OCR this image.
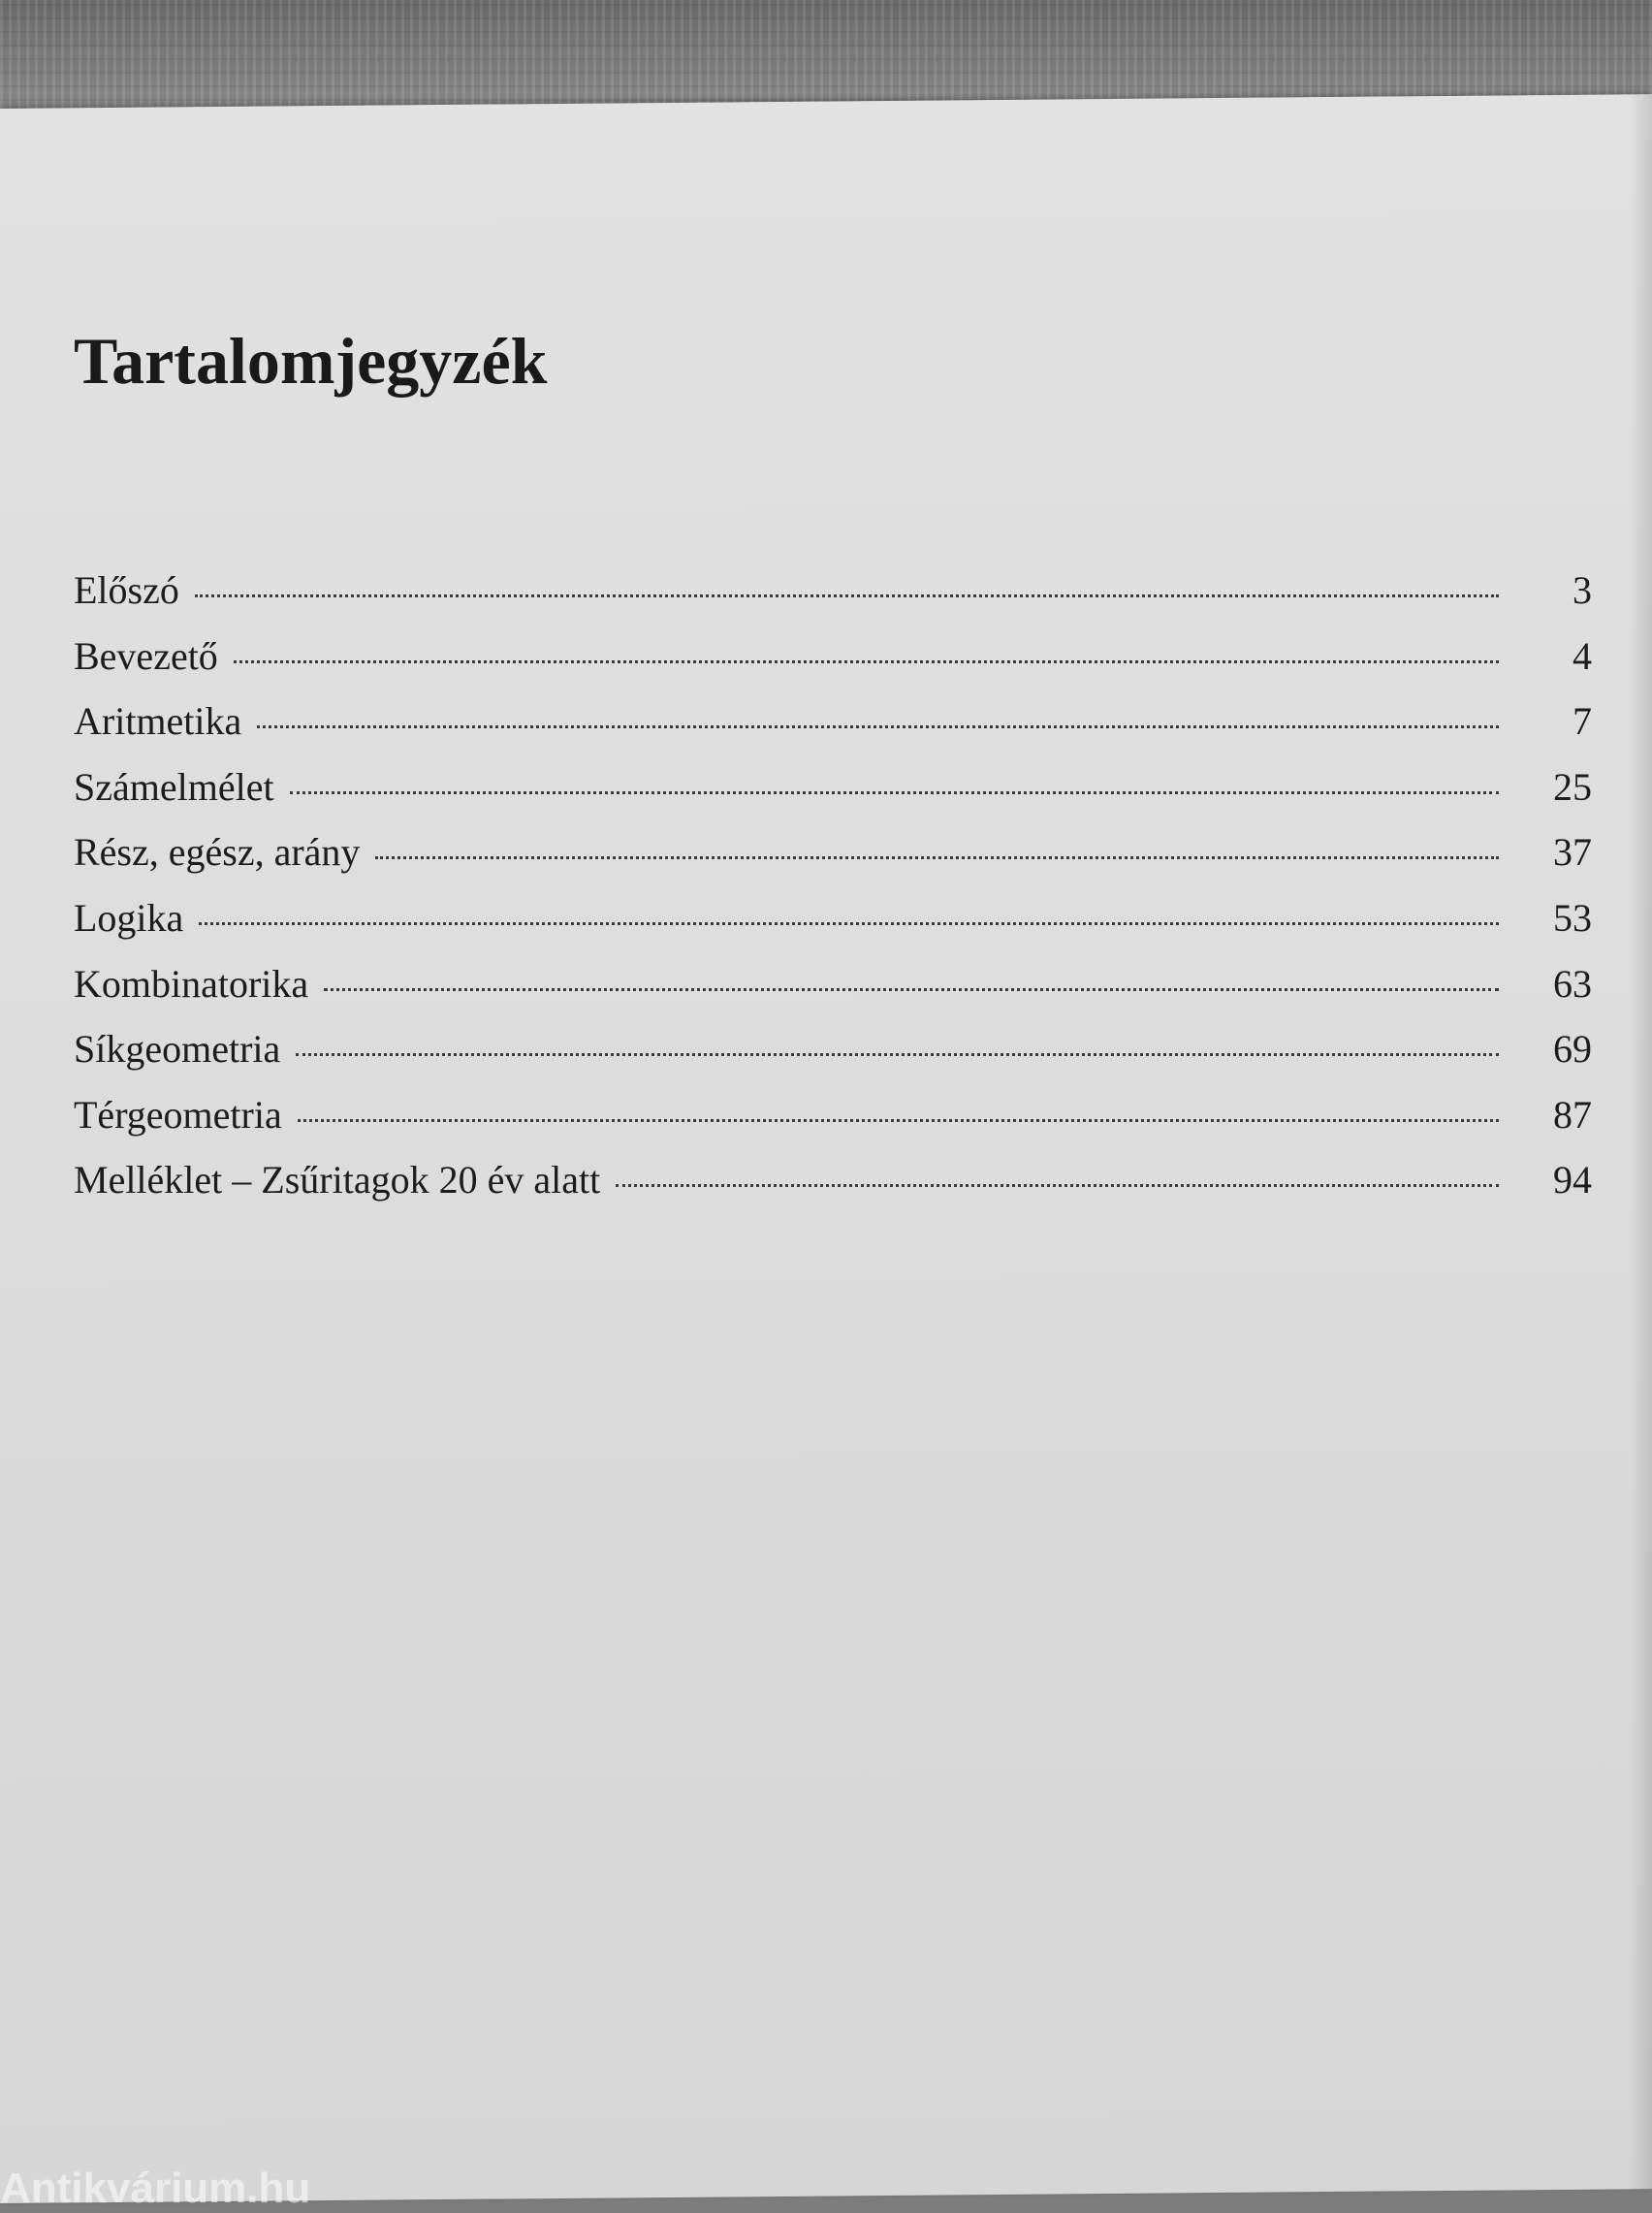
Tartalomjegyzék
Előszó	3
Bevezető	4
Aritmetika	7
Számelmélet	25
Rész, egész, arány	37
Logika	53
Kombinatorika	63
Síkgeometria	69
Térgeometria	87
Melléklet – Zsűritagok 20 év alatt	94
Antikvárium.hu
